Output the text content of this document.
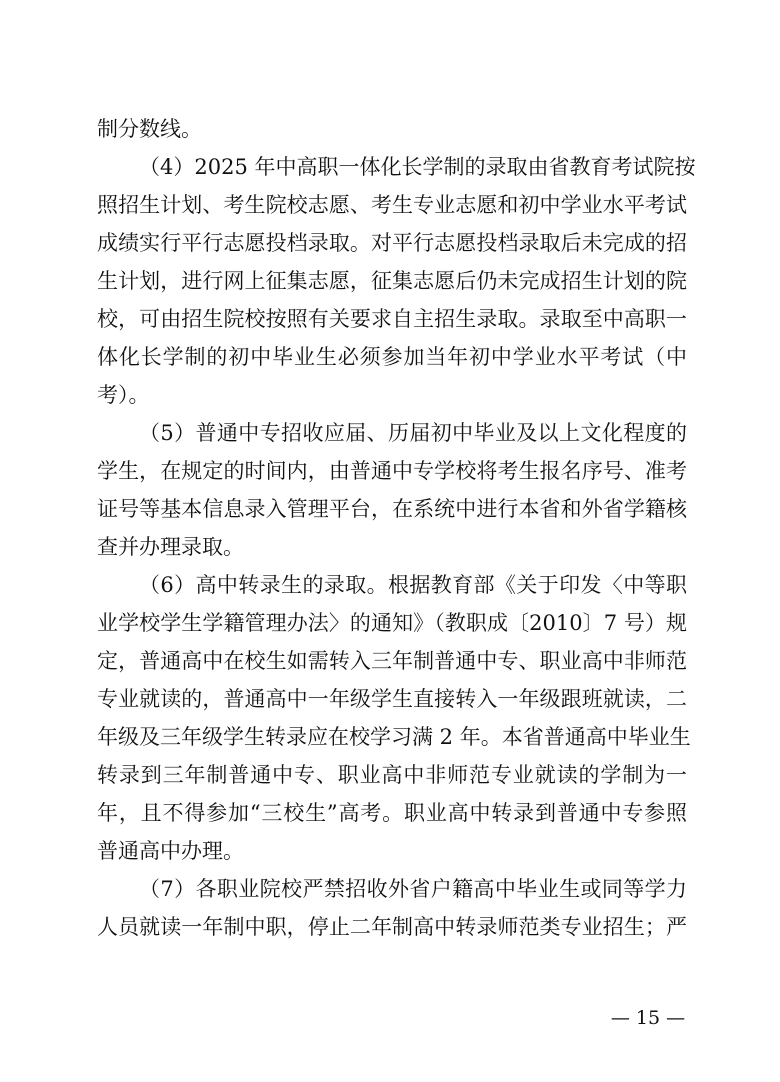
制分数线。
（4）2025 年中高职一体化长学制的录取由省教育考试院按
照招生计划、考生院校志愿、考生专业志愿和初中学业水平考试
成绩实行平行志愿投档录取。对平行志愿投档录取后未完成的招
生计划，进行网上征集志愿，征集志愿后仍未完成招生计划的院
校，可由招生院校按照有关要求自主招生录取。录取至中高职一
体化长学制的初中毕业生必须参加当年初中学业水平考试（中
考）。
（5）普通中专招收应届、历届初中毕业及以上文化程度的
学生，在规定的时间内，由普通中专学校将考生报名序号、准考
证号等基本信息录入管理平台，在系统中进行本省和外省学籍核
查并办理录取。
（6）高中转录生的录取。根据教育部《关于印发〈中等职
业学校学生学籍管理办法〉的通知》（教职成〔2010〕7 号）规
定，普通高中在校生如需转入三年制普通中专、职业高中非师范
专业就读的，普通高中一年级学生直接转入一年级跟班就读，二
年级及三年级学生转录应在校学习满 2 年。本省普通高中毕业生
转录到三年制普通中专、职业高中非师范专业就读的学制为一
年，且不得参加“三校生”高考。职业高中转录到普通中专参照
普通高中办理。
（7）各职业院校严禁招收外省户籍高中毕业生或同等学力
人员就读一年制中职，停止二年制高中转录师范类专业招生；严
— 15 —
